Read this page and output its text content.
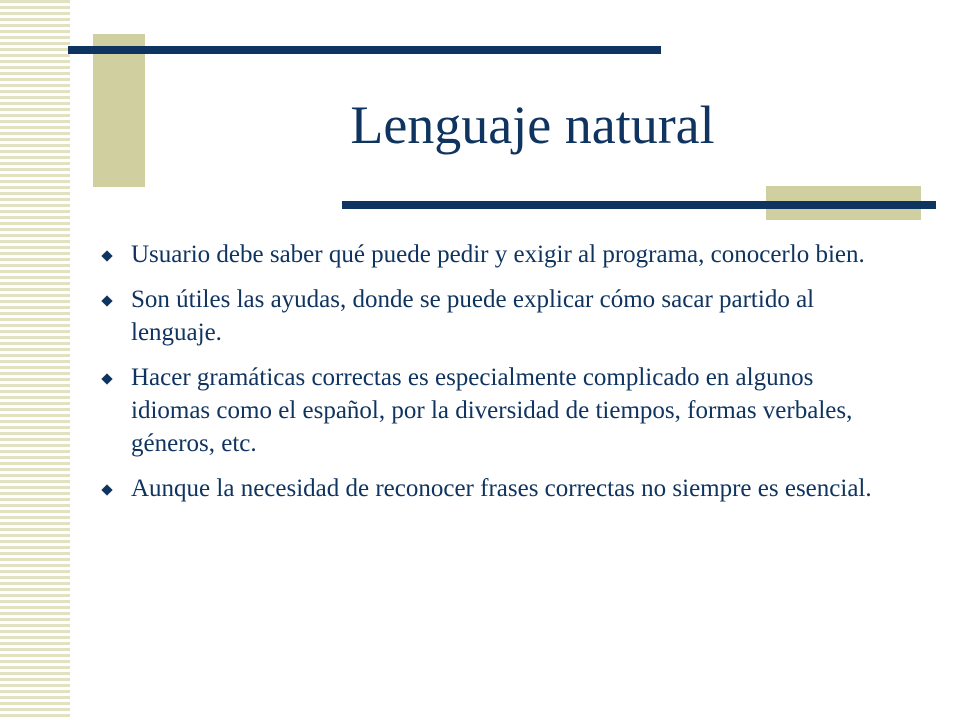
Lenguaje natural
Usuario debe saber qué puede pedir y exigir al programa, conocerlo bien.
Son útiles las ayudas, donde se puede explicar cómo sacar partido al lenguaje.
Hacer gramáticas correctas es especialmente complicado en algunos idiomas como el español, por la diversidad de tiempos, formas verbales, géneros, etc.
Aunque la necesidad de reconocer frases correctas no siempre es esencial.
